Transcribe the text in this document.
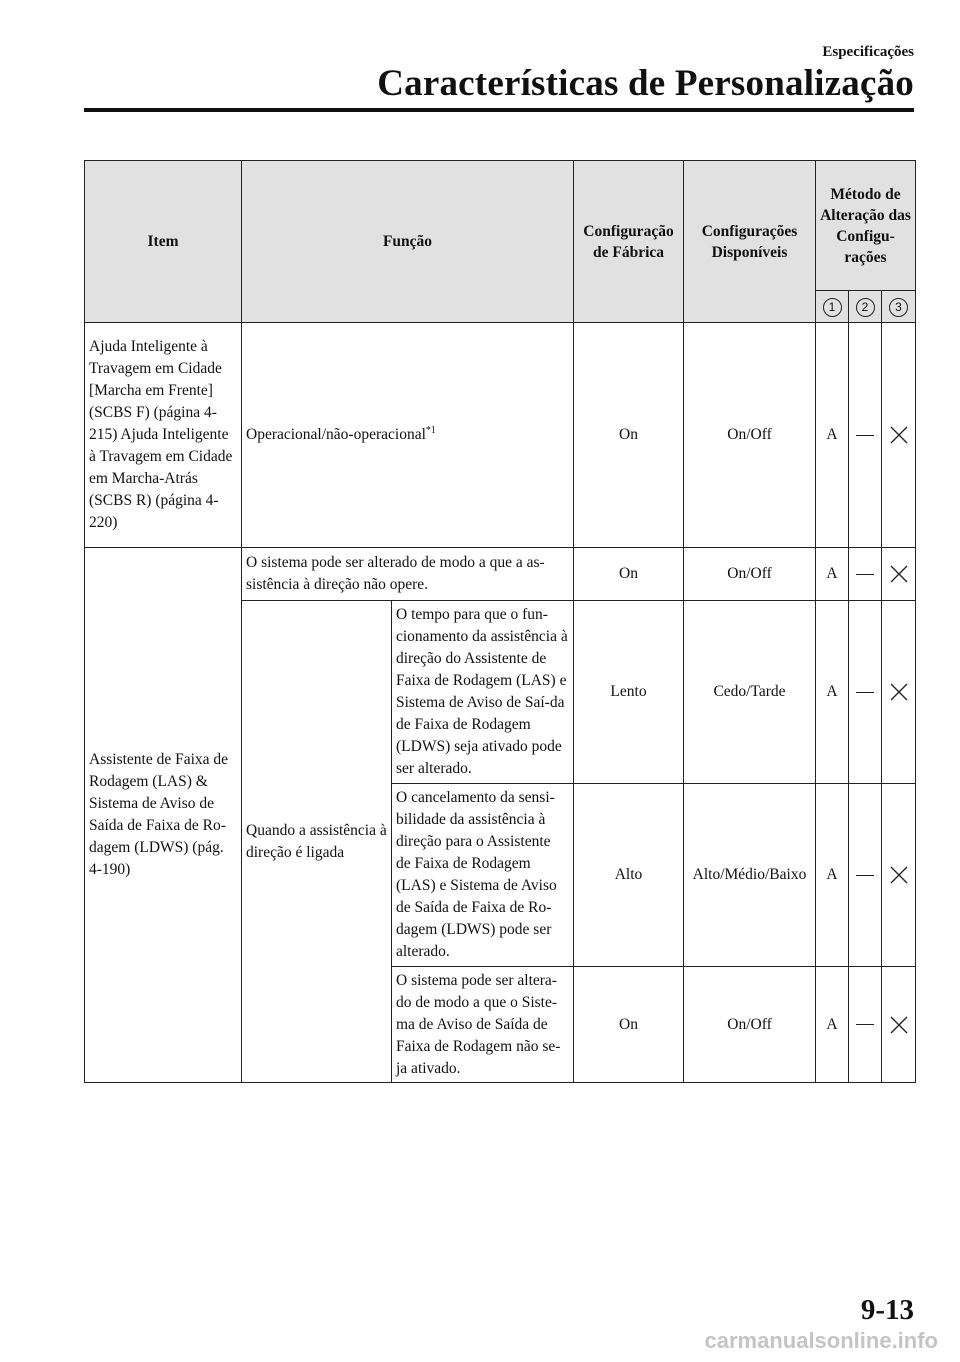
Especificações
Características de Personalização
Item	Função		Configuração de Fábrica	Configurações Disponíveis	Método de Alteração das Configu-rações		
					1	2	3
Ajuda Inteligente à Travagem em Cidade [Marcha em Frente] (SCBS F) (página 4-215) Ajuda Inteligente à Travagem em Cidade em Marcha-Atrás (SCBS R) (página 4-220)	Operacional/não-operacional$^{*1}$		On	On/Off	A		
Assistente de Faixa de Rodagem (LAS) & Sistema de Aviso de Saída de Faixa de Ro-dagem (LDWS) (pág. 4-190)	O sistema pode ser alterado de modo a que a as-sistência à direção não opere.		On	On/Off	A		
	Quando a assistência à direção é ligada	O tempo para que o fun-cionamento da assistência à direção do Assistente de Faixa de Rodagem (LAS) e Sistema de Aviso de Saí-da de Faixa de Rodagem (LDWS) seja ativado pode ser alterado.	Lento	Cedo/Tarde	A		
		O cancelamento da sensi-bilidade da assistência à direção para o Assistente de Faixa de Rodagem (LAS) e Sistema de Aviso de Saída de Faixa de Ro-dagem (LDWS) pode ser alterado.	Alto	Alto/Médio/Baixo	A		
		O sistema pode ser altera-do de modo a que o Siste-ma de Aviso de Saída de Faixa de Rodagem não se-ja ativado.	On	On/Off	A		
9-13
carmanualsonline.info
